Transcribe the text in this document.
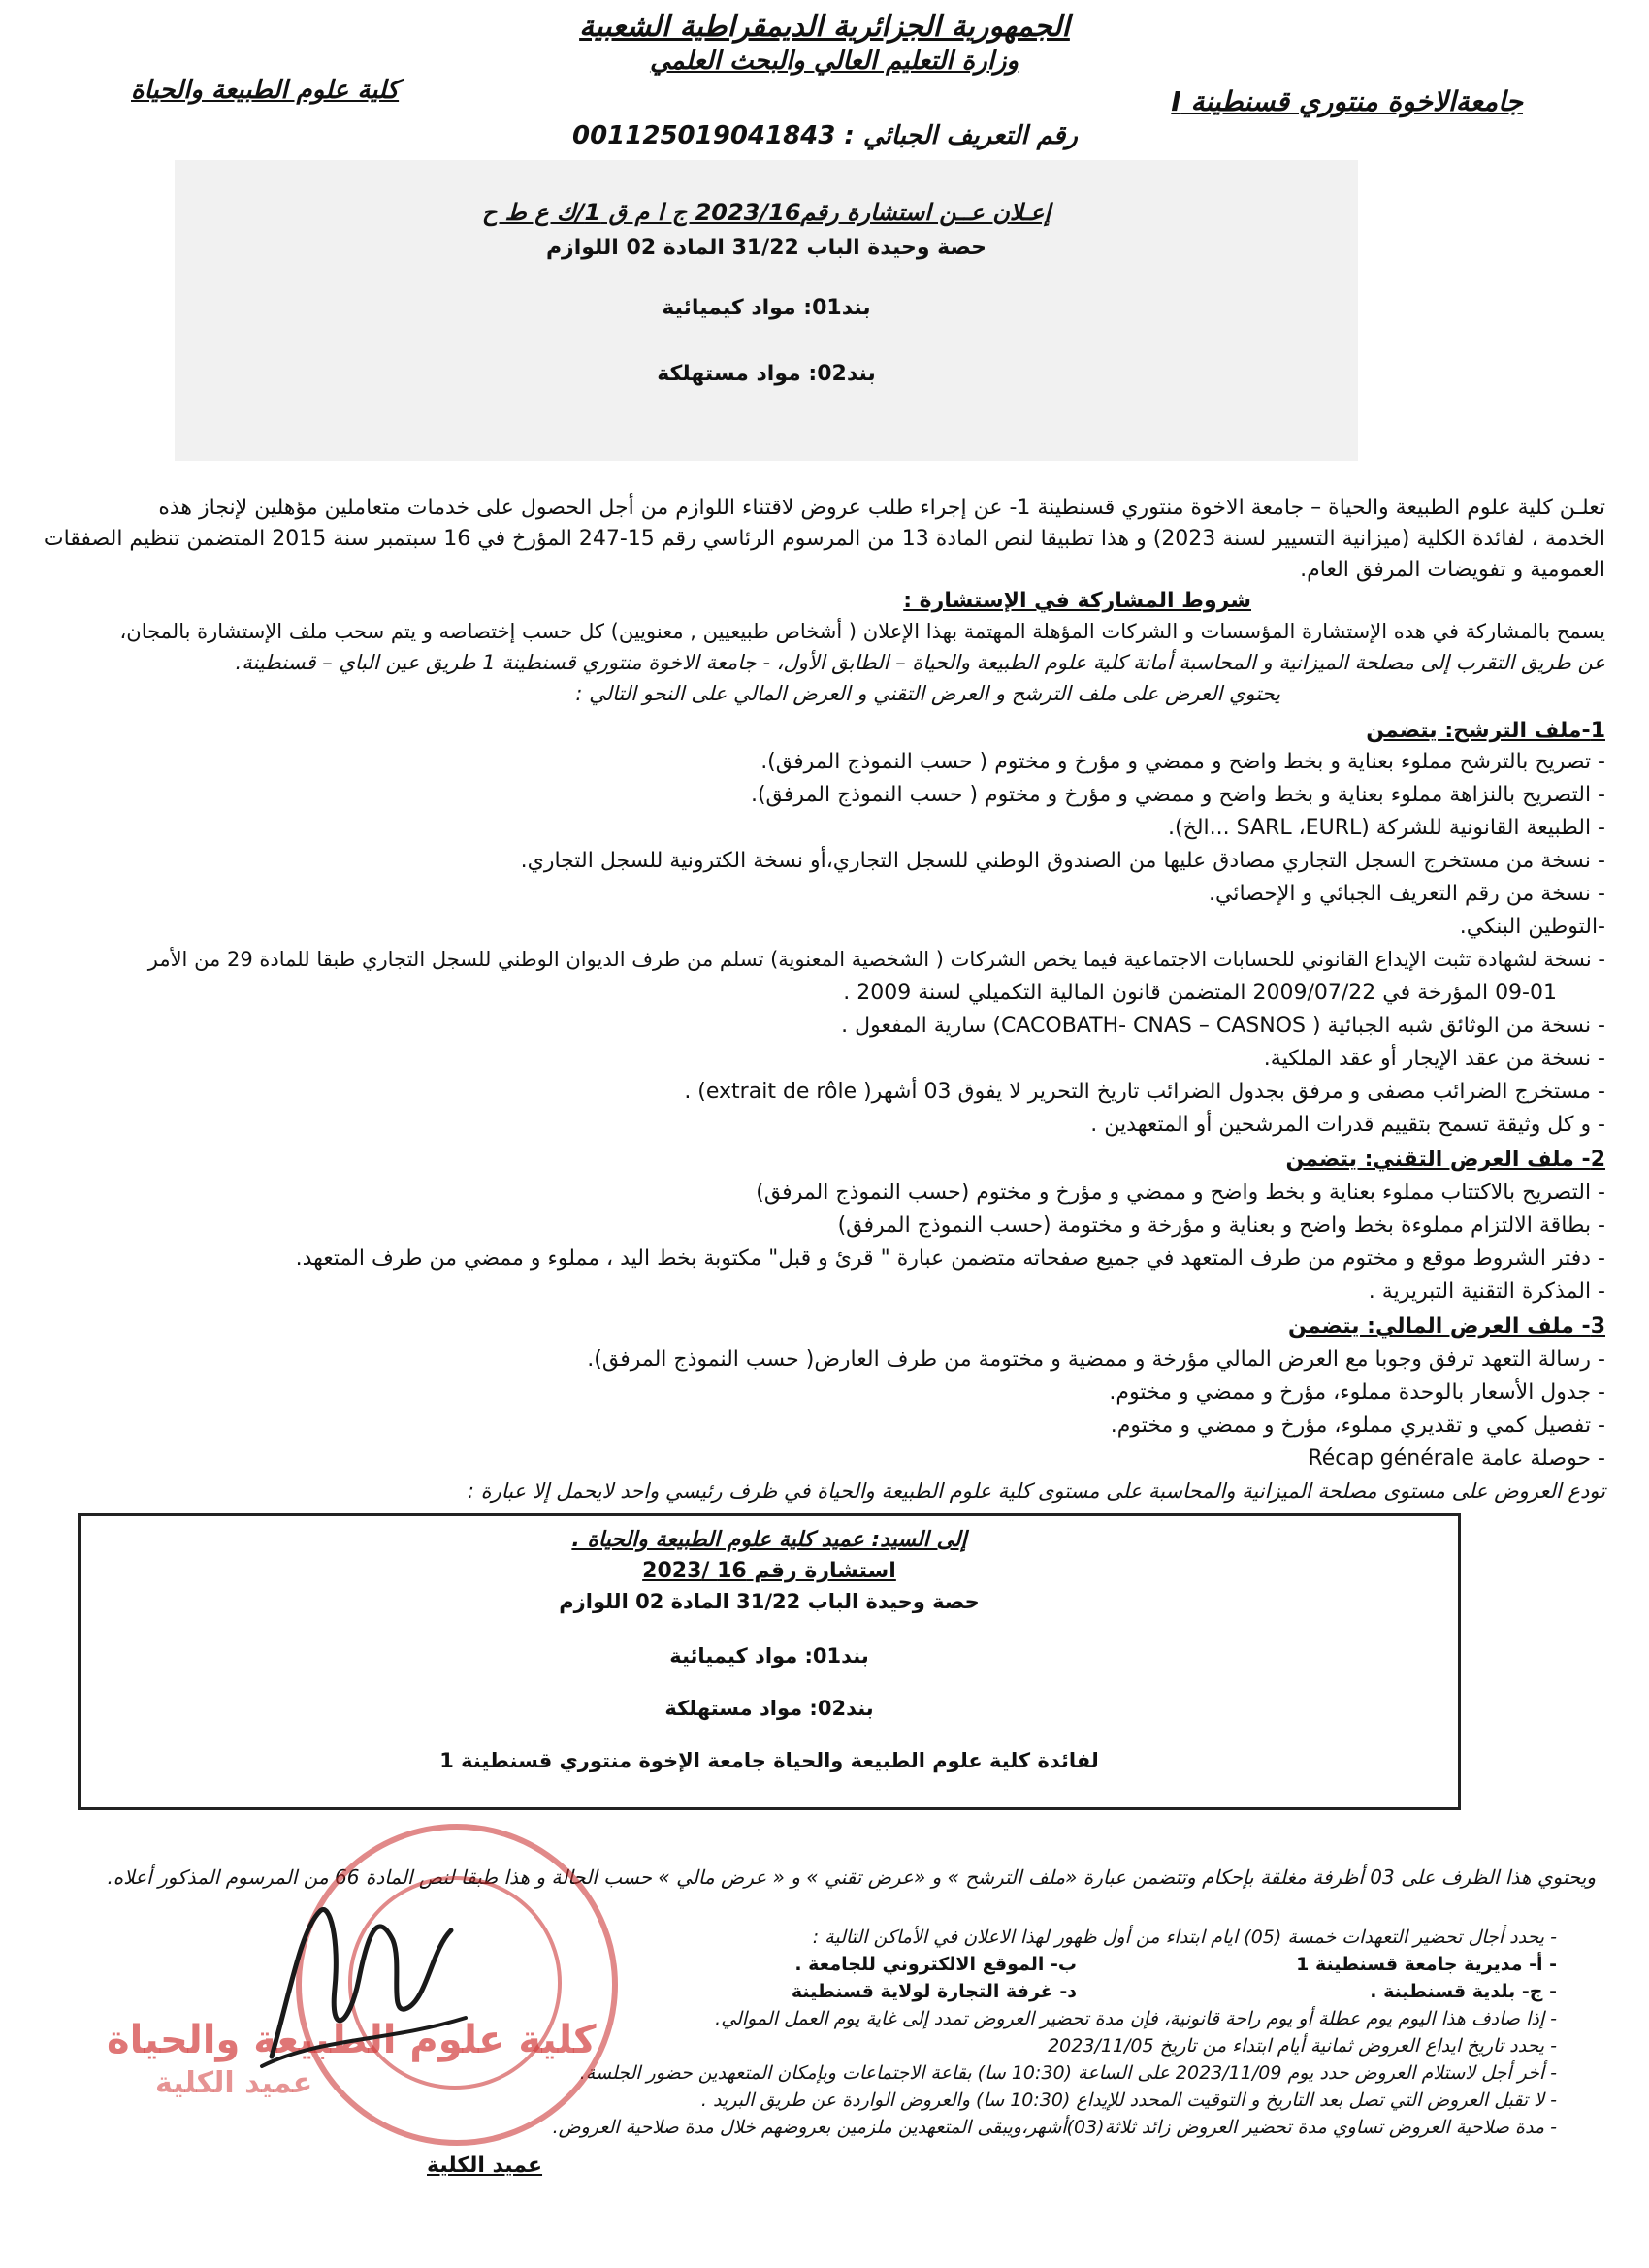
الجمهورية الجزائرية الديمقراطية الشعبية
وزارة التعليم العالي والبحث العلمي
جامعةالاخوة منتوري قسنطينة I
كلية علوم الطبيعة والحياة
رقم التعريف الجبائي : 001125019041843
إعـلان عــن استشارة رقم2023/16 ج ا م ق 1/ك ع ط ح
حصة وحيدة الباب 31/22 المادة 02 اللوازم
بند01: مواد كيميائية
بند02: مواد مستهلكة
تعلـن كلية علوم الطبيعة والحياة – جامعة الاخوة منتوري قسنطينة 1- عن إجراء طلب عروض لاقتناء اللوازم من أجل الحصول على خدمات متعاملين مؤهلين لإنجاز هذه
الخدمة ، لفائدة الكلية (ميزانية التسيير لسنة 2023) و هذا تطبيقا لنص المادة 13 من المرسوم الرئاسي رقم 15-247 المؤرخ في 16 سبتمبر سنة 2015 المتضمن تنظيم الصفقات
العمومية و تفويضات المرفق العام.
شروط المشاركة في الإستشارة :
يسمح بالمشاركة في هده الإستشارة المؤسسات و الشركات المؤهلة المهتمة بهذا الإعلان ( أشخاص طبيعيين , معنويين) كل حسب إختصاصه و يتم سحب ملف الإستشارة بالمجان،
عن طريق التقرب إلى مصلحة الميزانية و المحاسبة أمانة كلية علوم الطبيعة والحياة – الطابق الأول، - جامعة الاخوة منتوري قسنطينة 1 طريق عين الباي – قسنطينة.
يحتوي العرض على ملف الترشح و العرض التقني و العرض المالي على النحو التالي :
1-ملف الترشح: يتضمن
- تصريح بالترشح مملوء بعناية و بخط واضح و ممضي و مؤرخ و مختوم ( حسب النموذج المرفق).
- التصريح بالنزاهة مملوء بعناية و بخط واضح و ممضي و مؤرخ و مختوم ( حسب النموذج المرفق).
- الطبيعة القانونية للشركة (SARL ،EURL ...الخ).
- نسخة من مستخرج السجل التجاري مصادق عليها من الصندوق الوطني للسجل التجاري،أو نسخة الكترونية للسجل التجاري.
- نسخة من رقم التعريف الجبائي و الإحصائي.
-التوطين البنكي.
- نسخة لشهادة تثبت الإيداع القانوني للحسابات الاجتماعية فيما يخص الشركات ( الشخصية المعنوية) تسلم من طرف الديوان الوطني للسجل التجاري طبقا للمادة 29 من الأمر
09-01 المؤرخة في 2009/07/22 المتضمن قانون المالية التكميلي لسنة 2009 .
- نسخة من الوثائق شبه الجبائية ( CACOBATH- CNAS – CASNOS) سارية المفعول .
- نسخة من عقد الإيجار أو عقد الملكية.
- مستخرج الضرائب مصفى و مرفق بجدول الضرائب تاريخ التحرير لا يفوق 03 أشهر( extrait de rôle) .
- و كل وثيقة تسمح بتقييم قدرات المرشحين أو المتعهدين .
2- ملف العرض التقني: يتضمن
- التصريح بالاكتتاب مملوء بعناية و بخط واضح و ممضي و مؤرخ و مختوم (حسب النموذج المرفق)
- بطاقة الالتزام مملوءة بخط واضح و بعناية و مؤرخة و مختومة (حسب النموذج المرفق)
- دفتر الشروط موقع و مختوم من طرف المتعهد في جميع صفحاته متضمن عبارة " قرئ و قبل" مكتوبة بخط اليد ، مملوء و ممضي من طرف المتعهد.
- المذكرة التقنية التبريرية .
3- ملف العرض المالي: يتضمن
- رسالة التعهد ترفق وجوبا مع العرض المالي مؤرخة و ممضية و مختومة من طرف العارض( حسب النموذج المرفق).
- جدول الأسعار بالوحدة مملوء، مؤرخ و ممضي و مختوم.
- تفصيل كمي و تقديري مملوء، مؤرخ و ممضي و مختوم.
- حوصلة عامة Récap générale
تودع العروض على مستوى مصلحة الميزانية والمحاسبة على مستوى كلية علوم الطبيعة والحياة في ظرف رئيسي واحد لايحمل إلا عبارة :
إلى السيد: عميد كلية علوم الطبيعة والحياة .
استشارة رقم 16 /2023
حصة وحيدة الباب 31/22 المادة 02 اللوازم
بند01: مواد كيميائية
بند02: مواد مستهلكة
لفائدة كلية علوم الطبيعة والحياة جامعة الإخوة منتوري قسنطينة 1
ويحتوي هذا الظرف على 03 أظرفة مغلقة بإحكام وتتضمن عبارة «ملف الترشح » و «عرض تقني » و « عرض مالي » حسب الحالة و هذا طبقا لنص المادة 66 من المرسوم المذكور أعلاه.
- يحدد أجال تحضير التعهدات خمسة (05) ايام ابتداء من أول ظهور لهذا الاعلان في الأماكن التالية :
- أ- مديرية جامعة قسنطينة 1
ب- الموقع الالكتروني للجامعة .
- ج- بلدية قسنطينة .
د- غرفة التجارة لولاية قسنطينة
- إذا صادف هذا اليوم يوم عطلة أو يوم راحة قانونية، فإن مدة تحضير العروض تمدد إلى غاية يوم العمل الموالي.
- يحدد تاريخ ايداع العروض ثمانية أيام ابتداء من تاريخ 2023/11/05
- أخر أجل لاستلام العروض حدد يوم 2023/11/09 على الساعة (10:30 سا) بقاعة الاجتماعات وبإمكان المتعهدين حضور الجلسة.
- لا تقبل العروض التي تصل بعد التاريخ و التوقيت المحدد للإيداع (10:30 سا) والعروض الواردة عن طريق البريد .
- مدة صلاحية العروض تساوي مدة تحضير العروض زائد ثلاثة(03)أشهر،ويبقى المتعهدين ملزمين بعروضهم خلال مدة صلاحية العروض.
عميد الكلية
كلية علوم الطبيعة والحياة
عميد الكلية
